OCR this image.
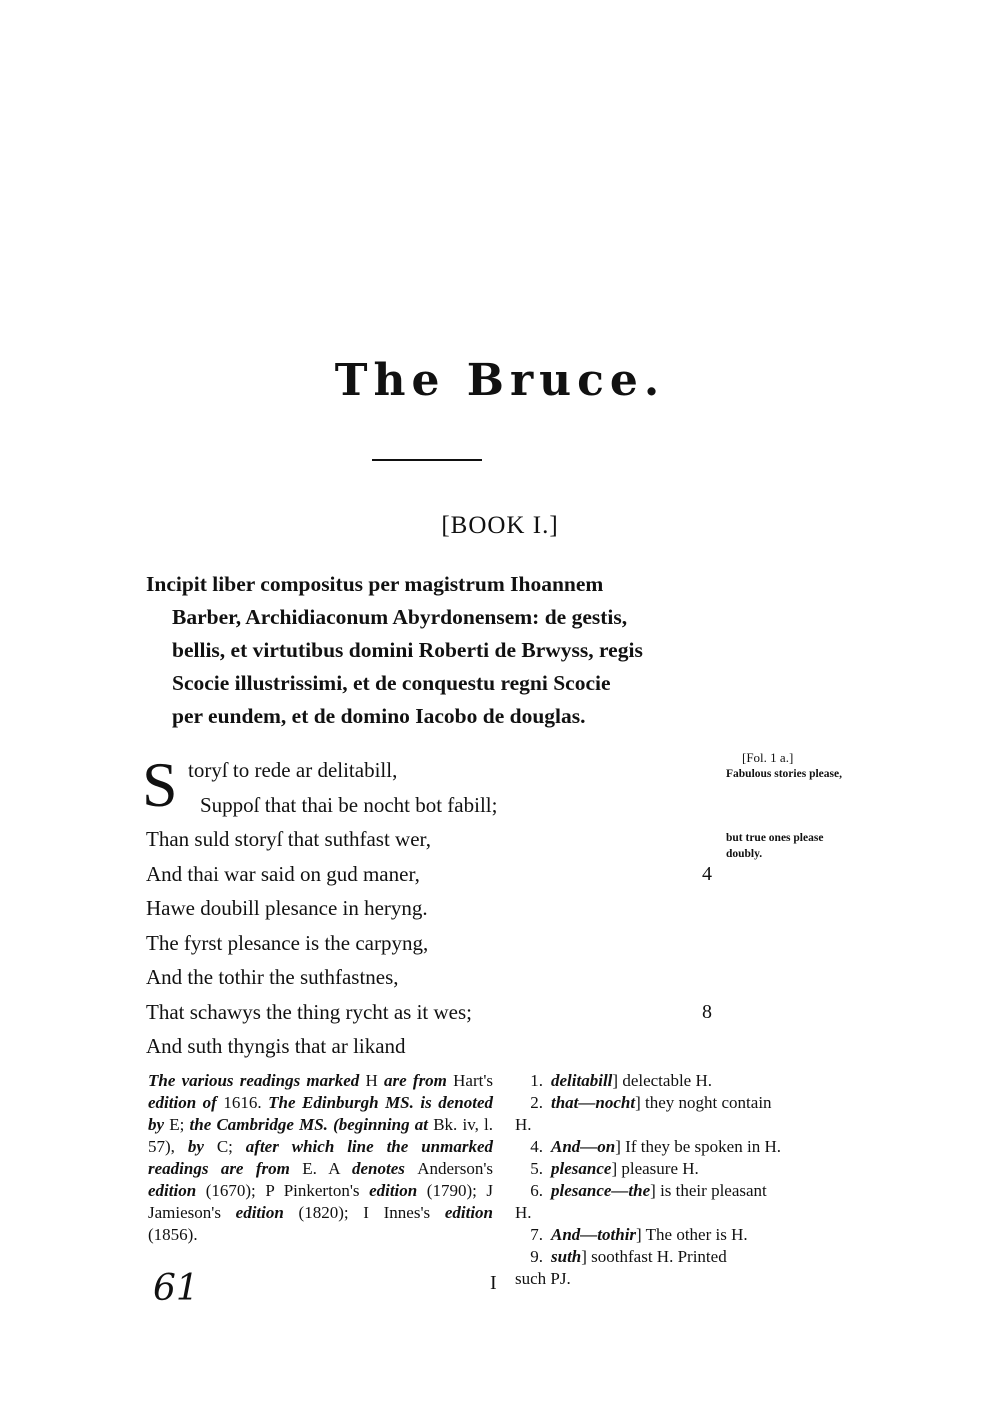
The Bruce.
[BOOK I.]
Incipit liber compositus per magistrum Ihoannem
Barber, Archidiaconum Abyrdonensem: de gestis,
bellis, et virtutibus domini Roberti de Brwyss, regis
Scocie illustrissimi, et de conquestu regni Scocie
per eundem, et de domino Iacobo de douglas.
S toryſ to rede ar delitabill,
Suppoſ that thai be nocht bot fabill;
Than suld storyſ that suthfast wer,
And thai war said on gud maner,	4
Hawe doubill plesance in heryng.
The fyrst plesance is the carpyng,
And the tothir the suthfastnes,
That schawys the thing rycht as it wes;	8
And suth thyngis that ar likand
[Fol. 1 a.]
Fabulous stories please,
but true ones please doubly.
The various readings marked H are from Hart's edition of 1616. The Edinburgh MS. is denoted by E; the Cambridge MS. (beginning at Bk. iv, l. 57), by C; after which line the unmarked readings are from E. A denotes Anderson's edition (1670); P Pinkerton's edition (1790); J Jamieson's edition (1820); I Innes's edition (1856).
1. delitabill] delectable H.
2. that—nocht] they noght contain
H.
4. And—on] If they be spoken in H.
5. plesance] pleasure H.
6. plesance—the] is their pleasant
H.
7. And—tothir] The other is H.
9. suth] soothfast H. Printed
such PJ.
I
61
